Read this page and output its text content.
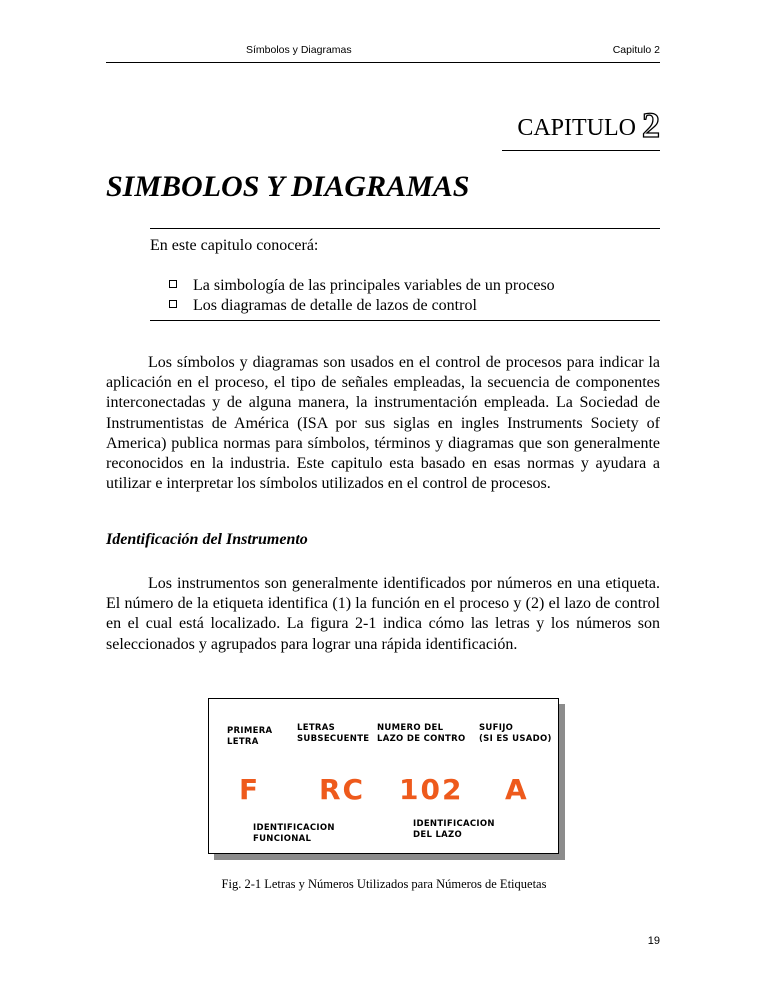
Símbolos y Diagramas	Capitulo 2
CAPITULO 2
SIMBOLOS Y DIAGRAMAS
En este capitulo conocerá:
La simbología de las principales variables de un proceso
Los diagramas de detalle de lazos de control

Los símbolos y diagramas son usados en el control de procesos para indicar la aplicación en el proceso, el tipo de señales empleadas, la secuencia de componentes interconectadas y de alguna manera, la instrumentación empleada. La Sociedad de Instrumentistas de América (ISA por sus siglas en ingles Instruments Society of America) publica normas para símbolos, términos y diagramas que son generalmente reconocidos en la industria. Este capitulo esta basado en esas normas y ayudara a utilizar e interpretar los símbolos utilizados en el control de procesos.

Identificación del Instrumento

Los instrumentos son generalmente identificados por números en una etiqueta. El número de la etiqueta identifica (1) la función en el proceso y (2) el lazo de control en el cual está localizado. La figura 2-1 indica cómo las letras y los números son seleccionados y agrupados para lograr una rápida identificación.

PRIMERA
LETRA
LETRAS
SUBSECUENTE
NUMERO DEL
LAZO DE CONTRO
SUFIJO
(SI ES USADO)
F RC 102 A
IDENTIFICACION
FUNCIONAL
IDENTIFICACION
DEL LAZO
Fig. 2-1 Letras y Números Utilizados para Números de Etiquetas
19
